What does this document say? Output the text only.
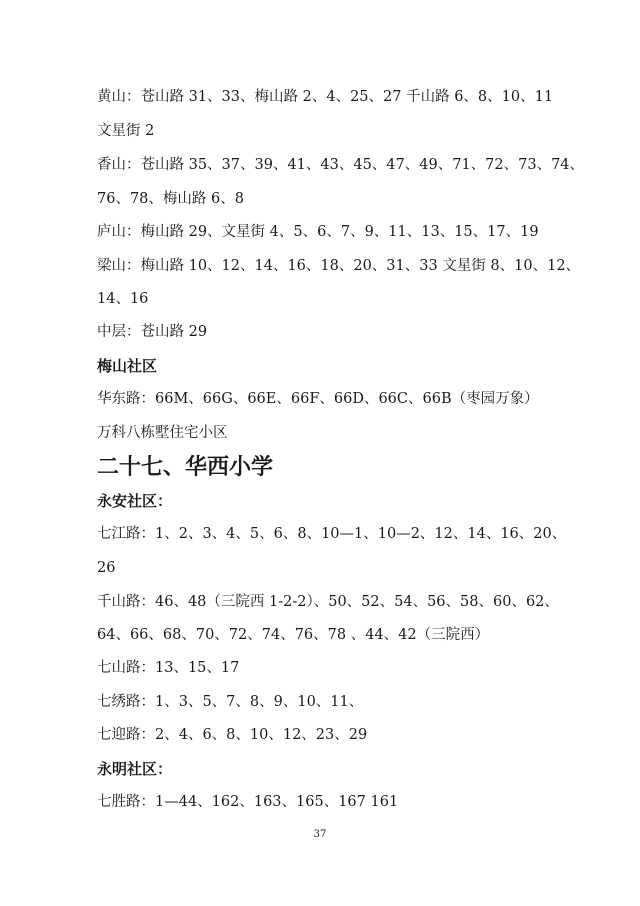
黄山：苍山路 31、33、梅山路 2、4、25、27 千山路 6、8、10、11
文星街 2
香山：苍山路 35、37、39、41、43、45、47、49、71、72、73、74、
76、78、梅山路 6、8
庐山：梅山路 29、文星街 4、5、6、7、9、11、13、15、17、19
梁山：梅山路 10、12、14、16、18、20、31、33 文星街 8、10、12、
14、16
中层：苍山路 29
梅山社区
华东路：66M、66G、66E、66F、66D、66C、66B（枣园万象）
万科八栋墅住宅小区
二十七、华西小学
永安社区：
七江路：1、2、3、4、5、6、8、10—1、10—2、12、14、16、20、
26
千山路：46、48（三院西 1-2-2）、50、52、54、56、58、60、62、
64、66、68、70、72、74、76、78 、44、42（三院西）
七山路：13、15、17
七绣路：1、3、5、7、8、9、10、11、
七迎路：2、4、6、8、10、12、23、29
永明社区：
七胜路：1—44、162、163、165、167 161
37
